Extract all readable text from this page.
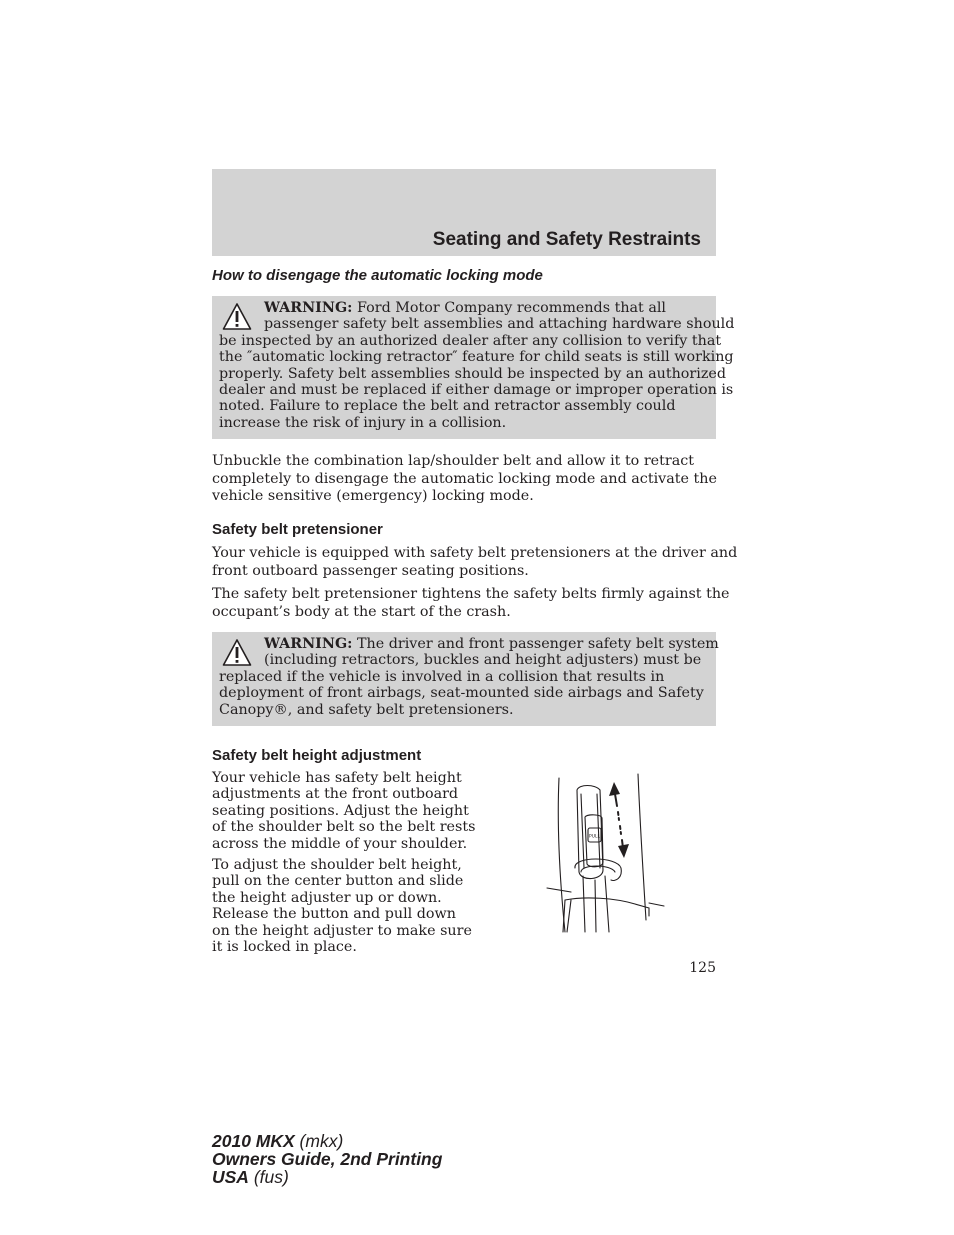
Seating and Safety Restraints
How to disengage the automatic locking mode

WARNING: Ford Motor Company recommends that all
passenger safety belt assemblies and attaching hardware should
be inspected by an authorized dealer after any collision to verify that
the ″automatic locking retractor″ feature for child seats is still working
properly. Safety belt assemblies should be inspected by an authorized
dealer and must be replaced if either damage or improper operation is
noted. Failure to replace the belt and retractor assembly could
increase the risk of injury in a collision.

Unbuckle the combination lap/shoulder belt and allow it to retract
completely to disengage the automatic locking mode and activate the
vehicle sensitive (emergency) locking mode.

Safety belt pretensioner

Your vehicle is equipped with safety belt pretensioners at the driver and
front outboard passenger seating positions.

The safety belt pretensioner tightens the safety belts firmly against the
occupant’s body at the start of the crash.

WARNING: The driver and front passenger safety belt system
(including retractors, buckles and height adjusters) must be
replaced if the vehicle is involved in a collision that results in
deployment of front airbags, seat-mounted side airbags and Safety
Canopy®, and safety belt pretensioners.

Safety belt height adjustment

Your vehicle has safety belt height
adjustments at the front outboard
seating positions. Adjust the height
of the shoulder belt so the belt rests
across the middle of your shoulder.

To adjust the shoulder belt height,
pull on the center button and slide
the height adjuster up or down.
Release the button and pull down
on the height adjuster to make sure
it is locked in place.

PULL
125

2010 MKX (mkx)
Owners Guide, 2nd Printing
USA (fus)
